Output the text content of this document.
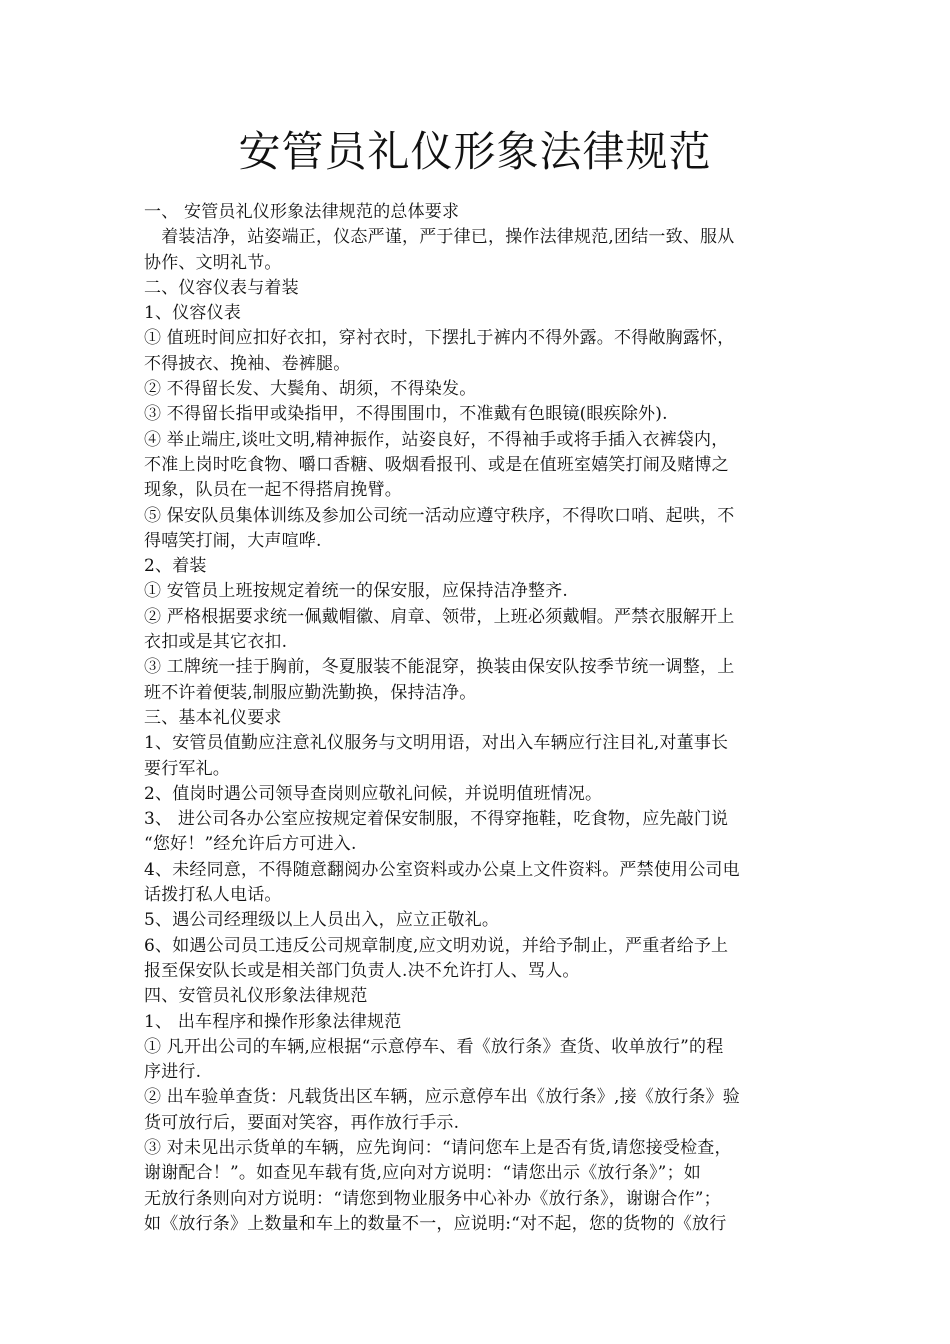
安管员礼仪形象法律规范
一、 安管员礼仪形象法律规范的总体要求
　着装洁净，站姿端正，仪态严谨，严于律已，操作法律规范,团结一致、服从
协作、文明礼节。
二、仪容仪表与着装
1、仪容仪表
① 值班时间应扣好衣扣，穿衬衣时，下摆扎于裤内不得外露。不得敞胸露怀，
不得披衣、挽袖、卷裤腿。
② 不得留长发、大鬓角、胡须，不得染发。
③ 不得留长指甲或染指甲，不得围围巾，不准戴有色眼镜(眼疾除外).
④ 举止端庄,谈吐文明,精神振作，站姿良好，不得袖手或将手插入衣裤袋内，
不准上岗时吃食物、嚼口香糖、吸烟看报刊、或是在值班室嬉笑打闹及赌博之
现象，队员在一起不得搭肩挽臂。
⑤ 保安队员集体训练及参加公司统一活动应遵守秩序，不得吹口哨、起哄，不
得嘻笑打闹，大声喧哗.
2、着装
① 安管员上班按规定着统一的保安服，应保持洁净整齐.
② 严格根据要求统一佩戴帽徽、肩章、领带，上班必须戴帽。严禁衣服解开上
衣扣或是其它衣扣.
③ 工牌统一挂于胸前，冬夏服装不能混穿，换装由保安队按季节统一调整，上
班不许着便装,制服应勤洗勤换，保持洁净。
三、基本礼仪要求
1、安管员值勤应注意礼仪服务与文明用语，对出入车辆应行注目礼,对董事长
要行军礼。
2、值岗时遇公司领导查岗则应敬礼问候，并说明值班情况。
3、 进公司各办公室应按规定着保安制服，不得穿拖鞋，吃食物，应先敲门说
“您好！”经允许后方可进入.
4、未经同意，不得随意翻阅办公室资料或办公桌上文件资料。严禁使用公司电
话拨打私人电话。
5、遇公司经理级以上人员出入，应立正敬礼。
6、如遇公司员工违反公司规章制度,应文明劝说，并给予制止，严重者给予上
报至保安队长或是相关部门负责人.决不允许打人、骂人。
四、安管员礼仪形象法律规范
1、 出车程序和操作形象法律规范
① 凡开出公司的车辆,应根据“示意停车、看《放行条》查货、收单放行”的程
序进行.
② 出车验单查货：凡载货出区车辆，应示意停车出《放行条》,接《放行条》验
货可放行后，要面对笑容，再作放行手示.
③ 对未见出示货单的车辆，应先询问：“请问您车上是否有货,请您接受检查，
谢谢配合！”。如查见车载有货,应向对方说明：“请您出示《放行条》”；如
无放行条则向对方说明：“请您到物业服务中心补办《放行条》，谢谢合作”；
如《放行条》上数量和车上的数量不一，应说明:“对不起，您的货物的《放行
